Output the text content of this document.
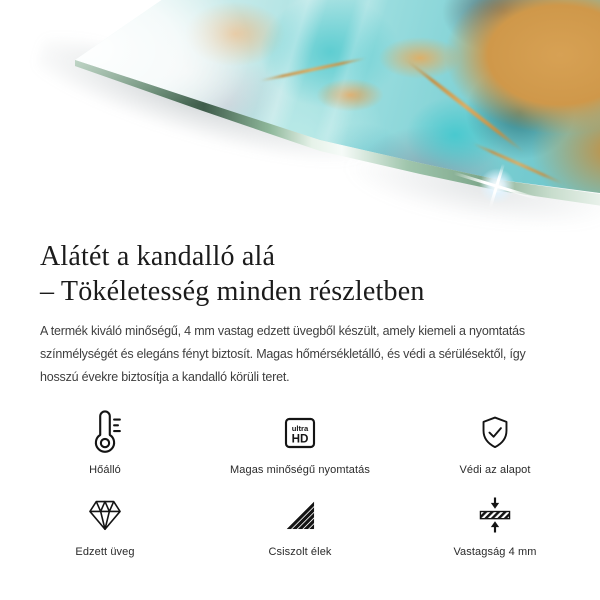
Alátét a kandalló alá
– Tökéletesség minden részletben

A termék kiváló minőségű, 4 mm vastag edzett üvegből készült, amely kiemeli a nyomtatás
színmélységét és elegáns fényt biztosít. Magas hőmérsékletálló, és védi a sérülésektől, így
hosszú évekre biztosítja a kandalló körüli teret.

Hőálló
ultra
HD
Magas minőségű nyomtatás	Védi az alapot
Edzett üveg	Csiszolt élek	Vastagság 4 mm
